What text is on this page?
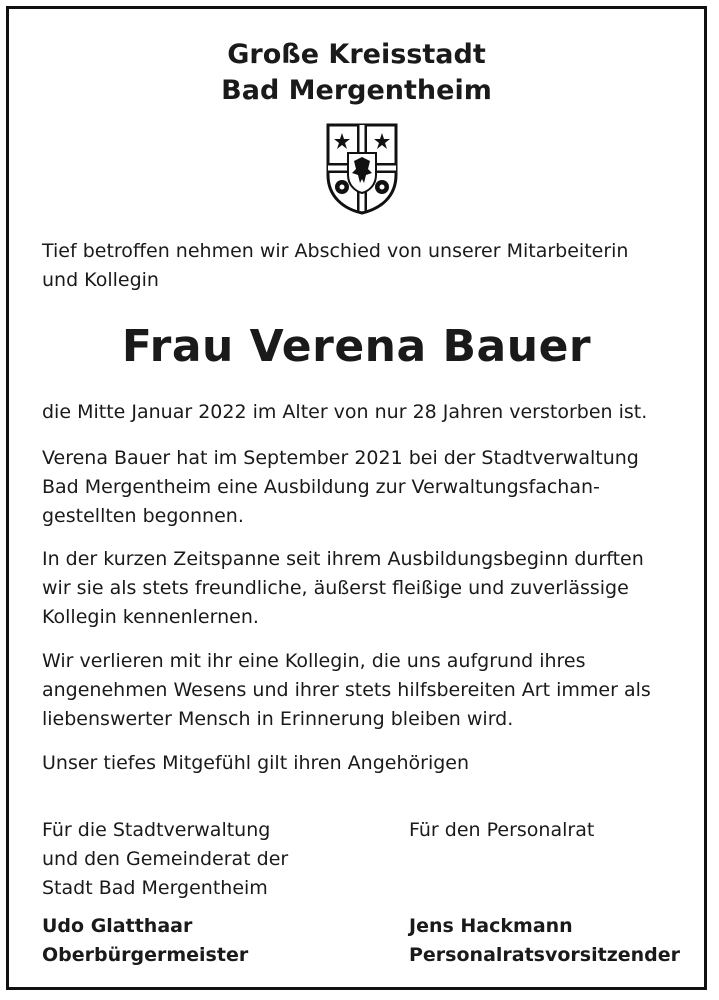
Große Kreisstadt
Bad Mergentheim
Tief betroffen nehmen wir Abschied von unserer Mitarbeiterin
und Kollegin
Frau Verena Bauer
die Mitte Januar 2022 im Alter von nur 28 Jahren verstorben ist.
Verena Bauer hat im September 2021 bei der Stadtverwaltung
Bad Mergentheim eine Ausbildung zur Verwaltungsfachan-
gestellten begonnen.
In der kurzen Zeitspanne seit ihrem Ausbildungsbeginn durften
wir sie als stets freundliche, äußerst fleißige und zuverlässige
Kollegin kennenlernen.
Wir verlieren mit ihr eine Kollegin, die uns aufgrund ihres
angenehmen Wesens und ihrer stets hilfsbereiten Art immer als
liebenswerter Mensch in Erinnerung bleiben wird.
Unser tiefes Mitgefühl gilt ihren Angehörigen
Für die Stadtverwaltung
und den Gemeinderat der
Stadt Bad Mergentheim
Für den Personalrat
Udo Glatthaar
Oberbürgermeister
Jens Hackmann
Personalratsvorsitzender
